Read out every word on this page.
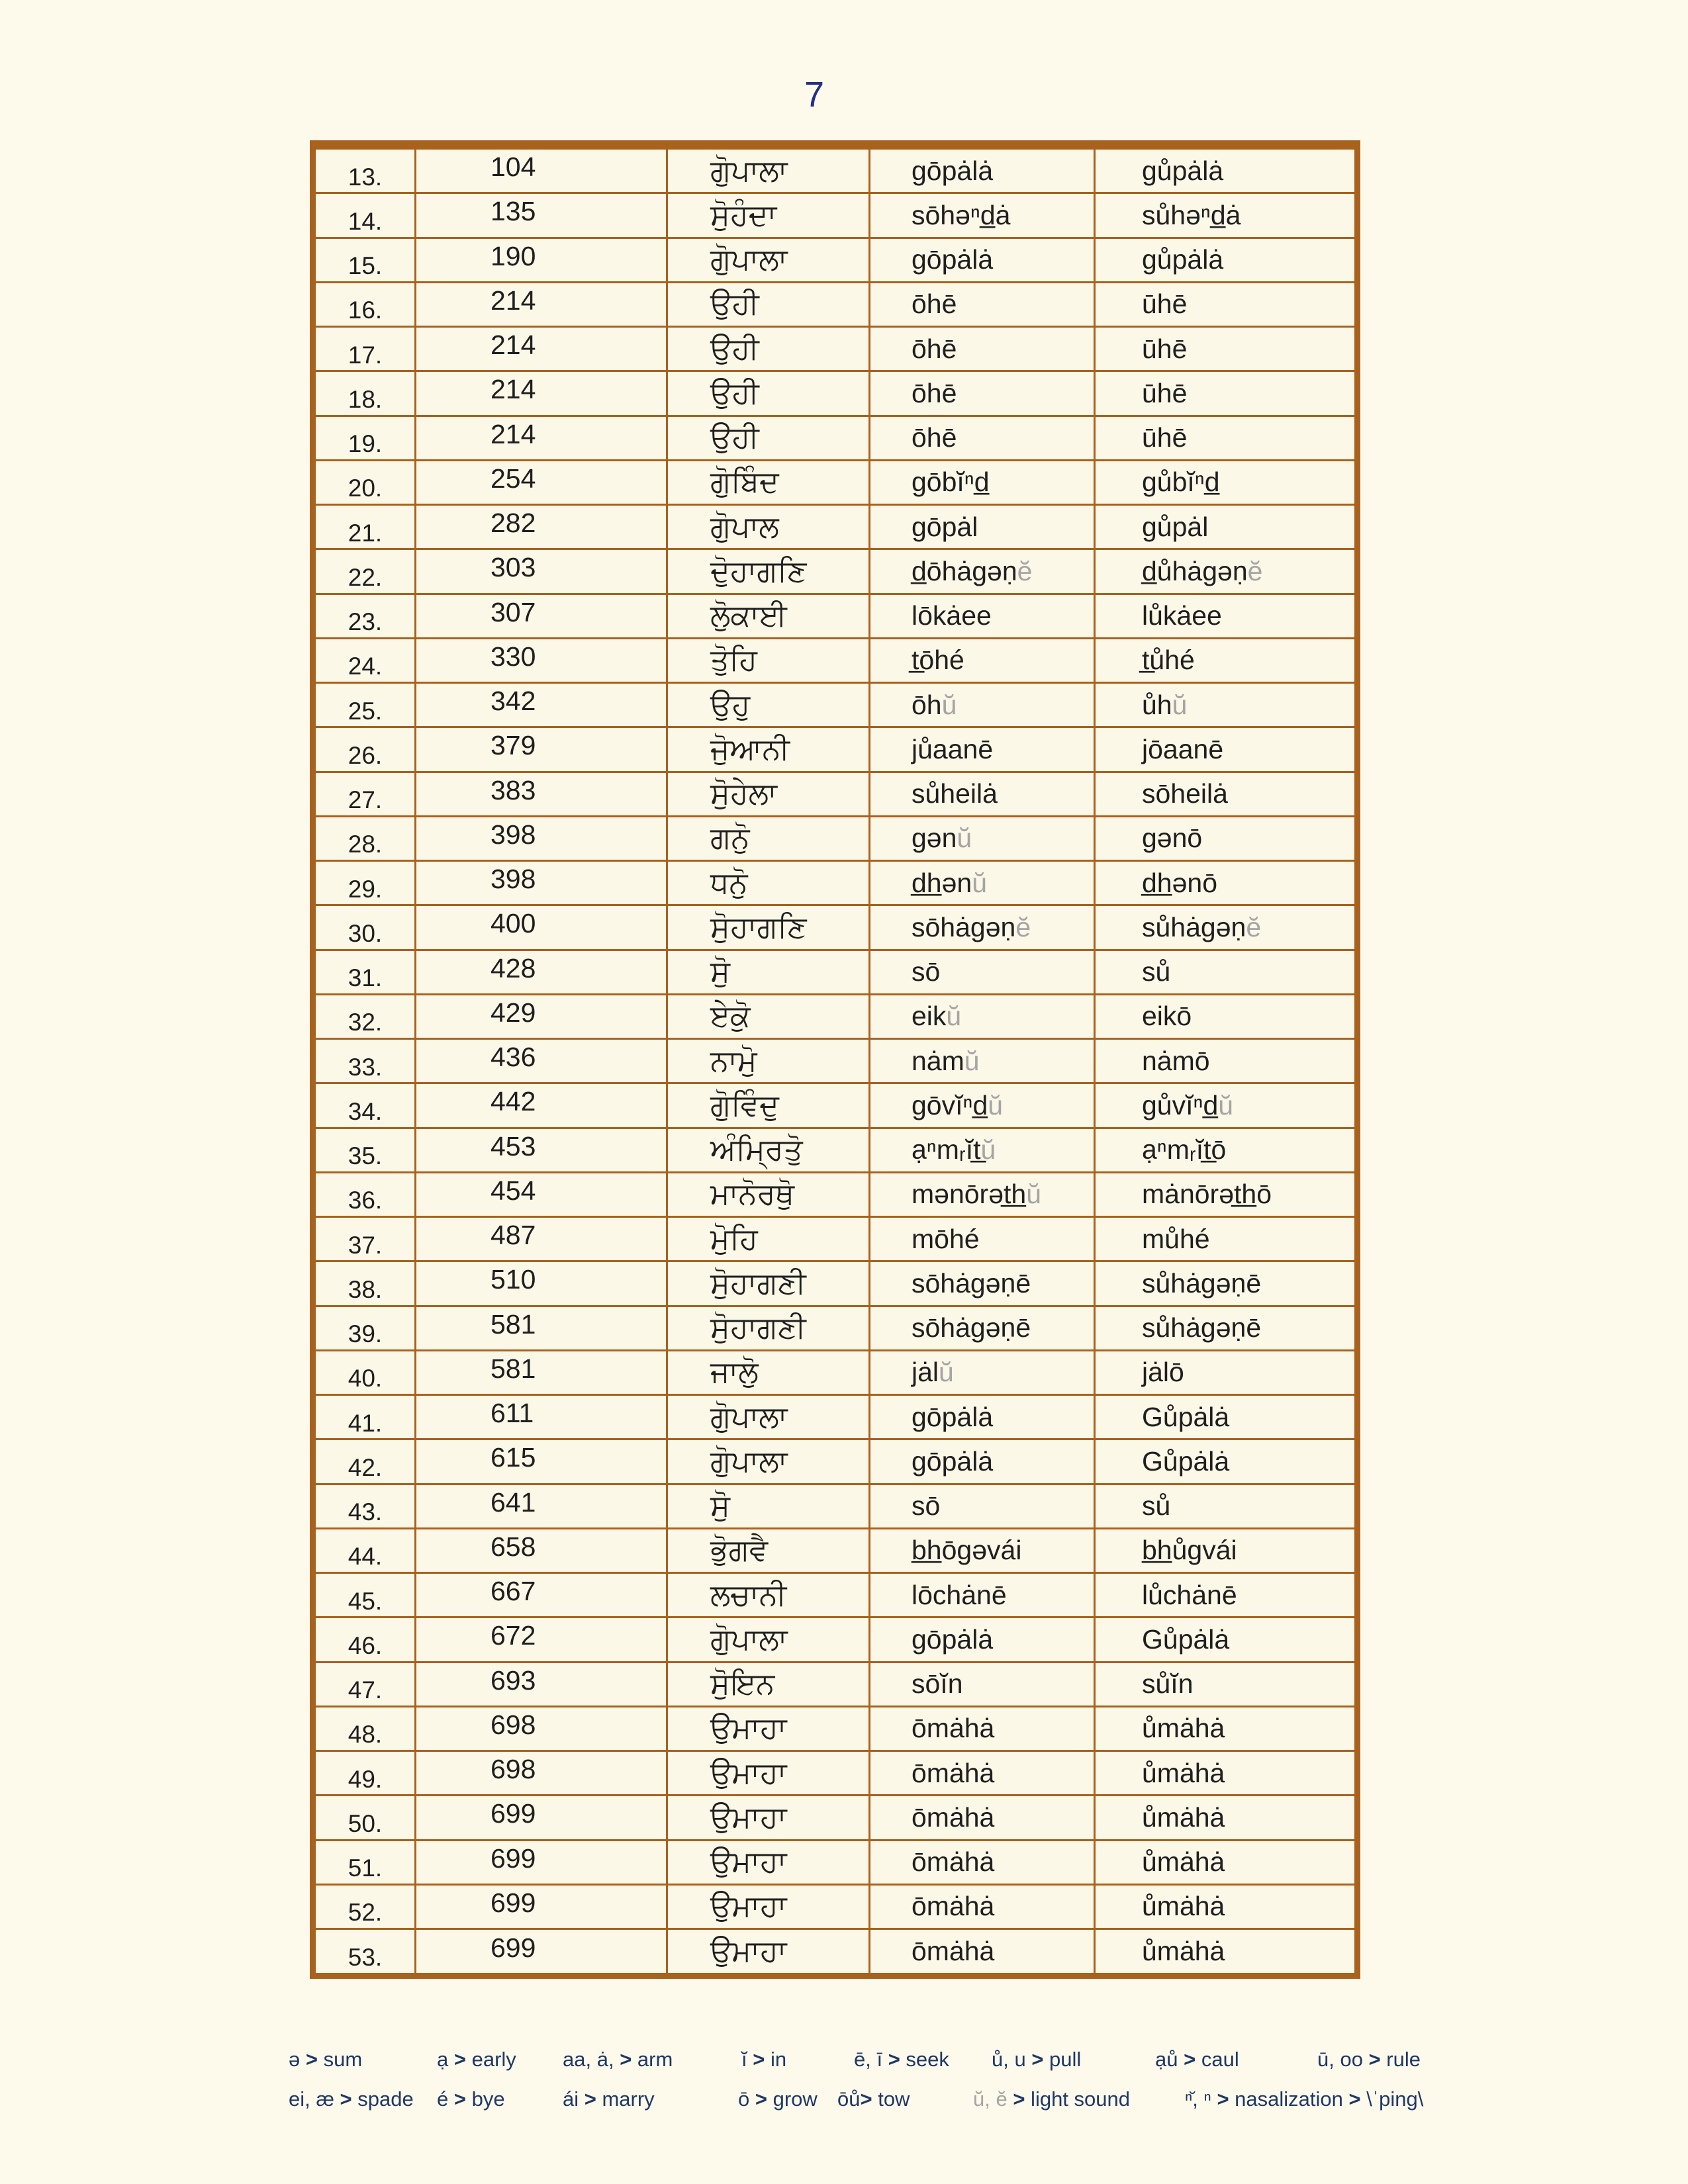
7
13.	104	ਗੋੁਪਾਲਾ	gōpȧlȧ	gůpȧlȧ
14.	135	ਸੋੁਹੰਦਾ	sōhəⁿd̲ȧ	sůhəⁿd̲ȧ
15.	190	ਗੋੁਪਾਲਾ	gōpȧlȧ	gůpȧlȧ
16.	214	ਉਹੀ	ōhē	ūhē
17.	214	ਉਹੀ	ōhē	ūhē
18.	214	ਉਹੀ	ōhē	ūhē
19.	214	ਉਹੀ	ōhē	ūhē
20.	254	ਗੋੁਬਿੰਦ	gōbĭⁿd̲	gůbĭⁿd̲
21.	282	ਗੋੁਪਾਲ	gōpȧl	gůpȧl
22.	303	ਦੋੁਹਾਗਣਿ	d̲ōhȧgəṇĕ	d̲ůhȧgəṇĕ
23.	307	ਲੋੁਕਾਈ	lōkȧee	lůkȧee
24.	330	ਤੋੁਹਿ	t̲ōhé	t̲ůhé
25.	342	ਉਹੁ	ōhŭ	ůhŭ
26.	379	ਜੋੁਆਨੀ	jůaanē	jōaanē
27.	383	ਸੋੁਹੇਲਾ	sůheilȧ	sōheilȧ
28.	398	ਗਨੋੁ	gənŭ	gənō
29.	398	ਧਨੋੁ	d̲h̲ənŭ	d̲h̲ənō
30.	400	ਸੋੁਹਾਗਣਿ	sōhȧgəṇĕ	sůhȧgəṇĕ
31.	428	ਸੋੁ	sō	sů
32.	429	ਏਕੋੁ	eikŭ	eikō
33.	436	ਨਾਮੋੁ	nȧmŭ	nȧmō
34.	442	ਗੋੁਵਿੰਦੁ	gōvĭⁿd̲ŭ	gůvĭⁿd̲ŭ
35.	453	ਅੰਮ੍ਰਿਤੋੁ	ạⁿmᵣĭt̲ŭ	ạⁿmᵣĭt̲ō
36.	454	ਮਾਨੋਰਥੋੁ	mənōrət̲h̲ŭ	mȧnōrət̲h̲ō
37.	487	ਮੋੁਹਿ	mōhé	můhé
38.	510	ਸੋੁਹਾਗਣੀ	sōhȧgəṇē	sůhȧgəṇē
39.	581	ਸੋੁਹਾਗਣੀ	sōhȧgəṇē	sůhȧgəṇē
40.	581	ਜਾਲੋੁ	jȧlŭ	jȧlō
41.	611	ਗੋੁਪਾਲਾ	gōpȧlȧ	Gůpȧlȧ
42.	615	ਗੋੁਪਾਲਾ	gōpȧlȧ	Gůpȧlȧ
43.	641	ਸੋੁ	sō	sů
44.	658	ਭੋੁਗਵੈ	b̲h̲ōgəvái	b̲h̲ůgvái
45.	667	ਲਚਾਨੀ	lōchȧnē	lůchȧnē
46.	672	ਗੋੁਪਾਲਾ	gōpȧlȧ	Gůpȧlȧ
47.	693	ਸੋੁਇਨ	sōĭn	sůĭn
48.	698	ਉਮਾਹਾ	ōmȧhȧ	ůmȧhȧ
49.	698	ਉਮਾਹਾ	ōmȧhȧ	ůmȧhȧ
50.	699	ਉਮਾਹਾ	ōmȧhȧ	ůmȧhȧ
51.	699	ਉਮਾਹਾ	ōmȧhȧ	ůmȧhȧ
52.	699	ਉਮਾਹਾ	ōmȧhȧ	ůmȧhȧ
53.	699	ਉਮਾਹਾ	ōmȧhȧ	ůmȧhȧ
ə > sum	ạ > early aa, ȧ, > arm	ĭ > in	ē, ī > seek ů, u > pull	ạů > caul	ū, oo > rule
ei, æ > spade é > bye	ái > marry	ō > grow ōů> tow	ŭ, ĕ > light sound	ⁿ̆, ⁿ > nasalization > \ˈping\
